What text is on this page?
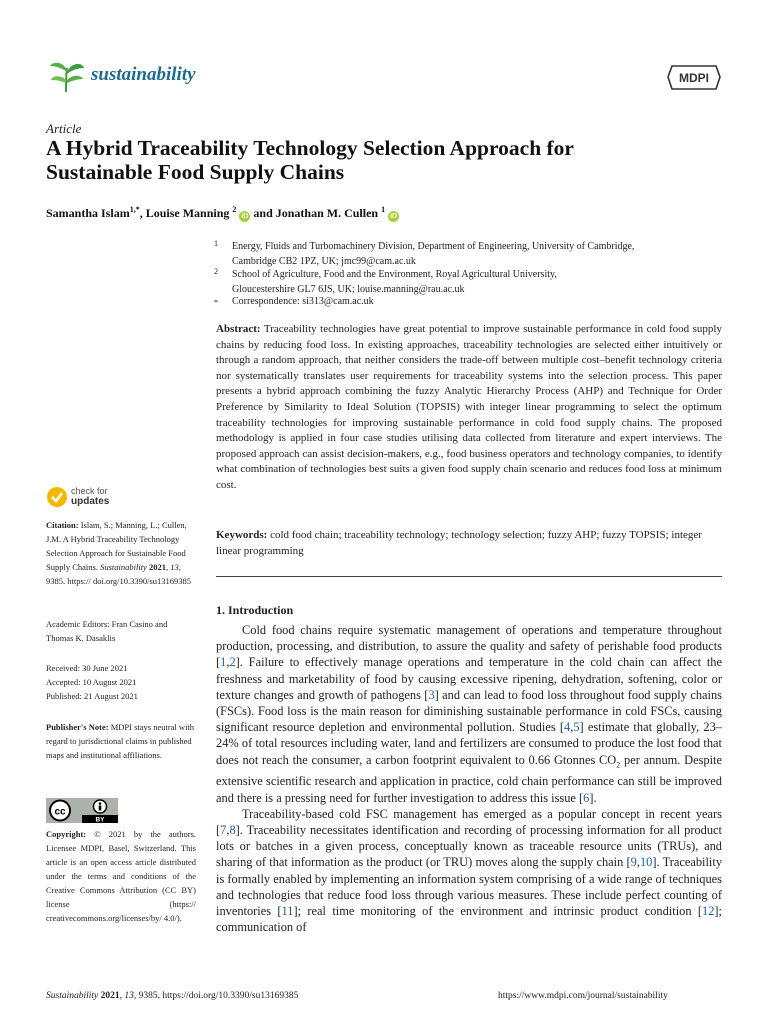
sustainability	MDPI
Article
A Hybrid Traceability Technology Selection Approach for
Sustainable Food Supply Chains
Samantha Islam$^{1,*}$, Louise Manning $^2$ iD and Jonathan M. Cullen $^1$ iD
1 Energy, Fluids and Turbomachinery Division, Department of Engineering, University of Cambridge,
Cambridge CB2 1PZ, UK; jmc99@cam.ac.uk
2 School of Agriculture, Food and the Environment, Royal Agricultural University,
Gloucestershire GL7 6JS, UK; louise.manning@rau.ac.uk
* Correspondence: si313@cam.ac.uk
Abstract: Traceability technologies have great potential to improve sustainable performance in cold food supply chains by reducing food loss. In existing approaches, traceability technologies are selected either intuitively or through a random approach, that neither considers the trade-off between multiple cost–benefit technology criteria nor systematically translates user requirements for traceability systems into the selection process. This paper presents a hybrid approach combining the fuzzy Analytic Hierarchy Process (AHP) and Technique for Order Preference by Similarity to Ideal Solution (TOPSIS) with integer linear programming to select the optimum traceability technologies for improving sustainable performance in cold food supply chains. The proposed methodology is applied in four case studies utilising data collected from literature and expert interviews. The proposed approach can assist decision-makers, e.g., food business operators and technology companies, to identify what combination of technologies best suits a given food supply chain scenario and reduces food loss at minimum cost.
Keywords: cold food chain; traceability technology; technology selection; fuzzy AHP; fuzzy TOPSIS; integer linear programming
check for
updates
Citation: Islam, S.; Manning, L.; Cullen, J.M. A Hybrid Traceability Technology Selection Approach for Sustainable Food Supply Chains. Sustainability 2021, 13, 9385. https:// doi.org/10.3390/su13169385
Academic Editors: Fran Casino and Thomas K. Dasaklis
Received: 30 June 2021
Accepted: 10 August 2021
Published: 21 August 2021
Publisher's Note: MDPI stays neutral with regard to jurisdictional claims in published maps and institutional affiliations.
cc
BY
Copyright: © 2021 by the authors. Licensee MDPI, Basel, Switzerland. This article is an open access article distributed under the terms and conditions of the Creative Commons Attribution (CC BY) license (https:// creativecommons.org/licenses/by/ 4.0/).
1. Introduction

Cold food chains require systematic management of operations and temperature throughout production, processing, and distribution, to assure the quality and safety of perishable food products [1,2]. Failure to effectively manage operations and temperature in the cold chain can affect the freshness and marketability of food by causing excessive ripening, dehydration, softening, color or texture changes and growth of pathogens [3] and can lead to food loss throughout food supply chains (FSCs). Food loss is the main reason for diminishing sustainable performance in cold FSCs, causing significant resource depletion and environmental pollution. Studies [4,5] estimate that globally, 23–24% of total resources including water, land and fertilizers are consumed to produce the lost food that does not reach the consumer, a carbon footprint equivalent to 0.66 Gtonnes $CO_2$ per annum. Despite extensive scientific research and application in practice, cold chain performance can still be improved and there is a pressing need for further investigation to address this issue [6].

Traceability-based cold FSC management has emerged as a popular concept in recent years [7,8]. Traceability necessitates identification and recording of processing information for all product lots or batches in a given process, conceptually known as traceable resource units (TRUs), and sharing of that information as the product (or TRU) moves along the supply chain [9,10]. Traceability is formally enabled by implementing an information system comprising of a wide range of techniques and technologies that reduce food loss through various measures. These include perfect counting of inventories [11]; real time monitoring of the environment and intrinsic product condition [12]; communication of

Sustainability 2021, 13, 9385. https://doi.org/10.3390/su13169385	https://www.mdpi.com/journal/sustainability
